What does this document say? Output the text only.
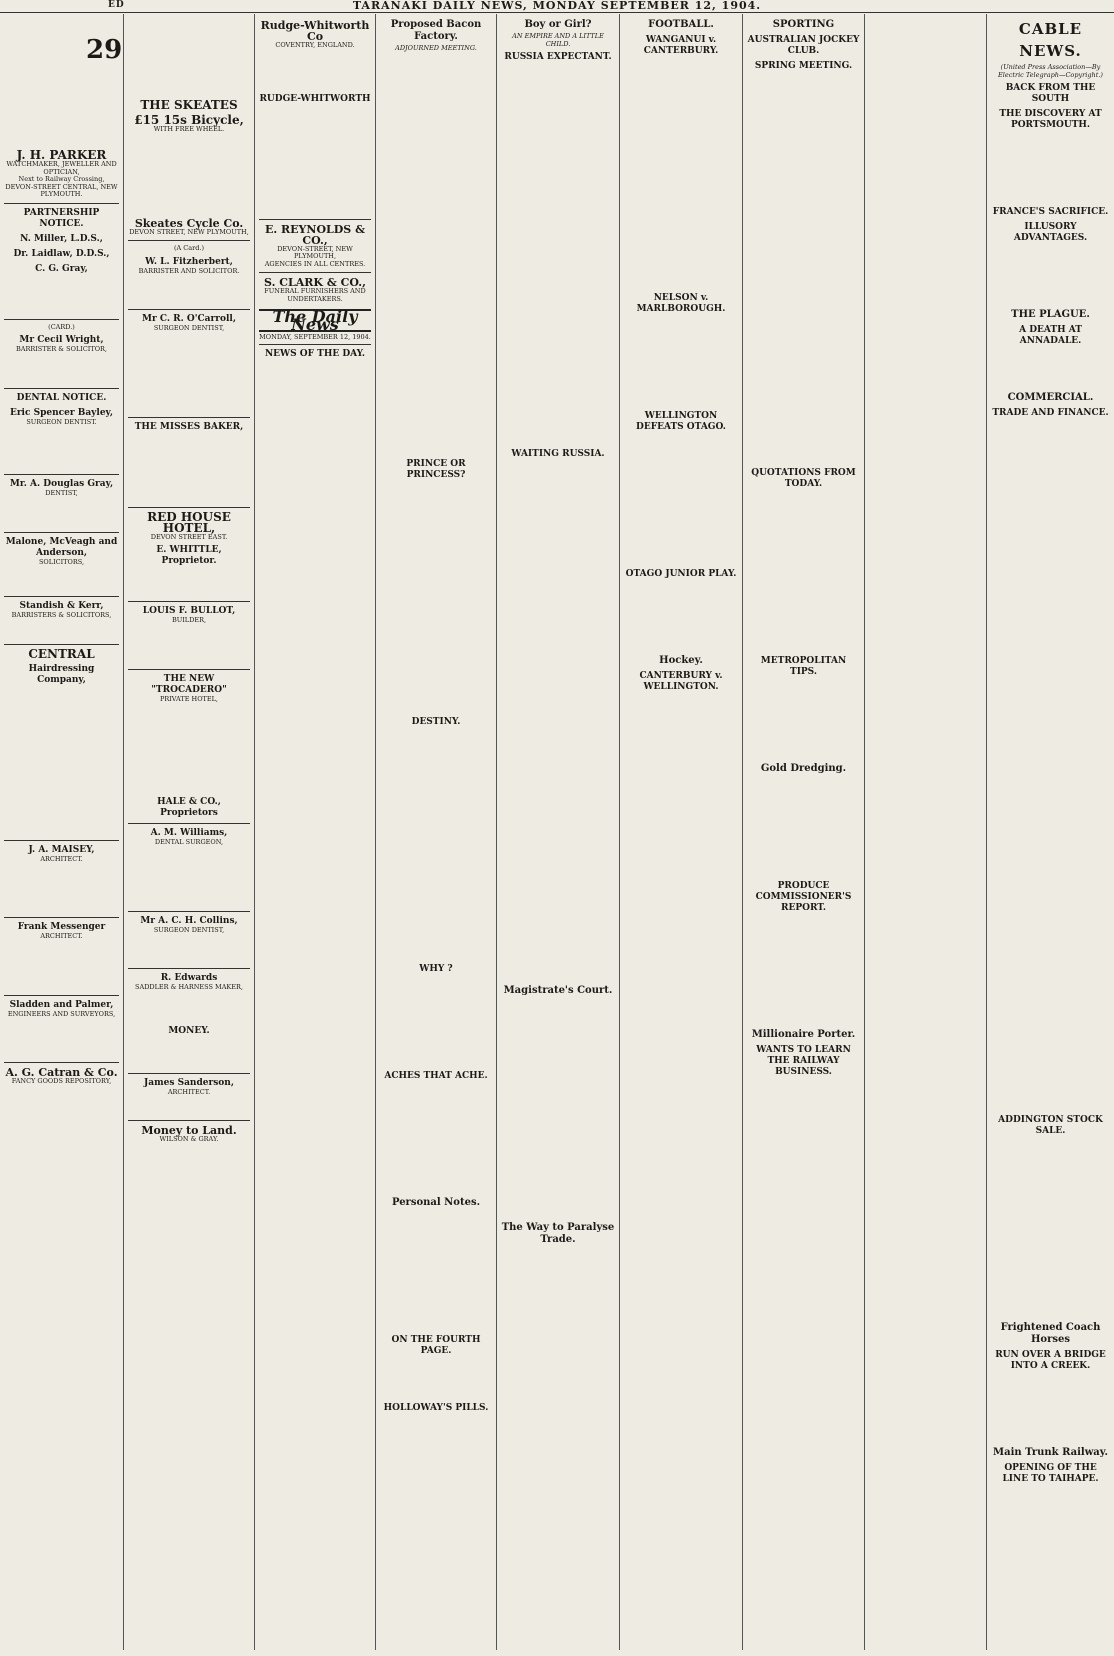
ED	TARANAKI DAILY NEWS, MONDAY SEPTEMBER 12, 1904.
29
J. H. PARKER
WATCHMAKER, JEWELLER AND OPTICIAN,
Next to Railway Crossing, DEVON-STREET CENTRAL, NEW PLYMOUTH.
PARTNERSHIP NOTICE.
N. Miller, L.D.S.,
Dr. Laidlaw, D.D.S.,
C. G. Gray,
(CARD.)
Mr Cecil Wright,
BARRISTER & SOLICITOR,
DENTAL NOTICE.
Eric Spencer Bayley,
SURGEON DENTIST.
Mr. A. Douglas Gray,
DENTIST,
Malone, McVeagh and Anderson,
SOLICITORS,
Standish & Kerr,
BARRISTERS & SOLICITORS,
CENTRAL
Hairdressing Company,
J. A. MAISEY,
ARCHITECT.
Frank Messenger
ARCHITECT.
Sladden and Palmer,
ENGINEERS AND SURVEYORS,
A. G. Catran & Co.
FANCY GOODS REPOSITORY,
THE SKEATES
£15 15s Bicycle,
WITH FREE WHEEL.
Skeates Cycle Co.
DEVON STREET, NEW PLYMOUTH,
(A Card.)
W. L. Fitzherbert,
BARRISTER AND SOLICITOR.
Mr C. R. O'Carroll,
SURGEON DENTIST,
THE MISSES BAKER,
RED HOUSE HOTEL,
DEVON STREET EAST.
E. WHITTLE, Proprietor.
LOUIS F. BULLOT,
BUILDER,
THE NEW "TROCADERO"
PRIVATE HOTEL,
HALE & CO., Proprietors
A. M. Williams,
DENTAL SURGEON,
Mr A. C. H. Collins,
SURGEON DENTIST,
R. Edwards
SADDLER & HARNESS MAKER,
MONEY.
James Sanderson,
ARCHITECT.
Money to Land.
WILSON & GRAY.
Rudge-Whitworth Co
COVENTRY, ENGLAND.
RUDGE-WHITWORTH
E. REYNOLDS & CO.,
DEVON-STREET, NEW PLYMOUTH,
AGENCIES IN ALL CENTRES.
S. CLARK & CO.,
FUNERAL FURNISHERS AND UNDERTAKERS.
The Daily News
MONDAY, SEPTEMBER 12, 1904.
NEWS OF THE DAY.
Proposed Bacon Factory.
ADJOURNED MEETING.
PRINCE OR PRINCESS?
DESTINY.
WHY ?
ACHES THAT ACHE.
Personal Notes.
ON THE FOURTH PAGE.
HOLLOWAY'S PILLS.
Boy or Girl?
AN EMPIRE AND A LITTLE CHILD.
RUSSIA EXPECTANT.
WAITING RUSSIA.
Magistrate's Court.
The Way to Paralyse Trade.
FOOTBALL.
WANGANUI v. CANTERBURY.
NELSON v. MARLBOROUGH.
WELLINGTON DEFEATS OTAGO.
OTAGO JUNIOR PLAY.
Hockey.
CANTERBURY v. WELLINGTON.
SPORTING
AUSTRALIAN JOCKEY CLUB.
SPRING MEETING.
QUOTATIONS FROM TODAY.
METROPOLITAN TIPS.
Gold Dredging.
PRODUCE COMMISSIONER'S REPORT.
Millionaire Porter.
WANTS TO LEARN THE RAILWAY BUSINESS.
CABLE NEWS.
(United Press Association—By Electric Telegraph—Copyright.)
BACK FROM THE SOUTH
THE DISCOVERY AT PORTSMOUTH.
FRANCE'S SACRIFICE.
ILLUSORY ADVANTAGES.
THE PLAGUE.
A DEATH AT ANNADALE.
COMMERCIAL.
TRADE AND FINANCE.
ADDINGTON STOCK SALE.
Frightened Coach Horses
RUN OVER A BRIDGE INTO A CREEK.
Main Trunk Railway.
OPENING OF THE LINE TO TAIHAPE.
